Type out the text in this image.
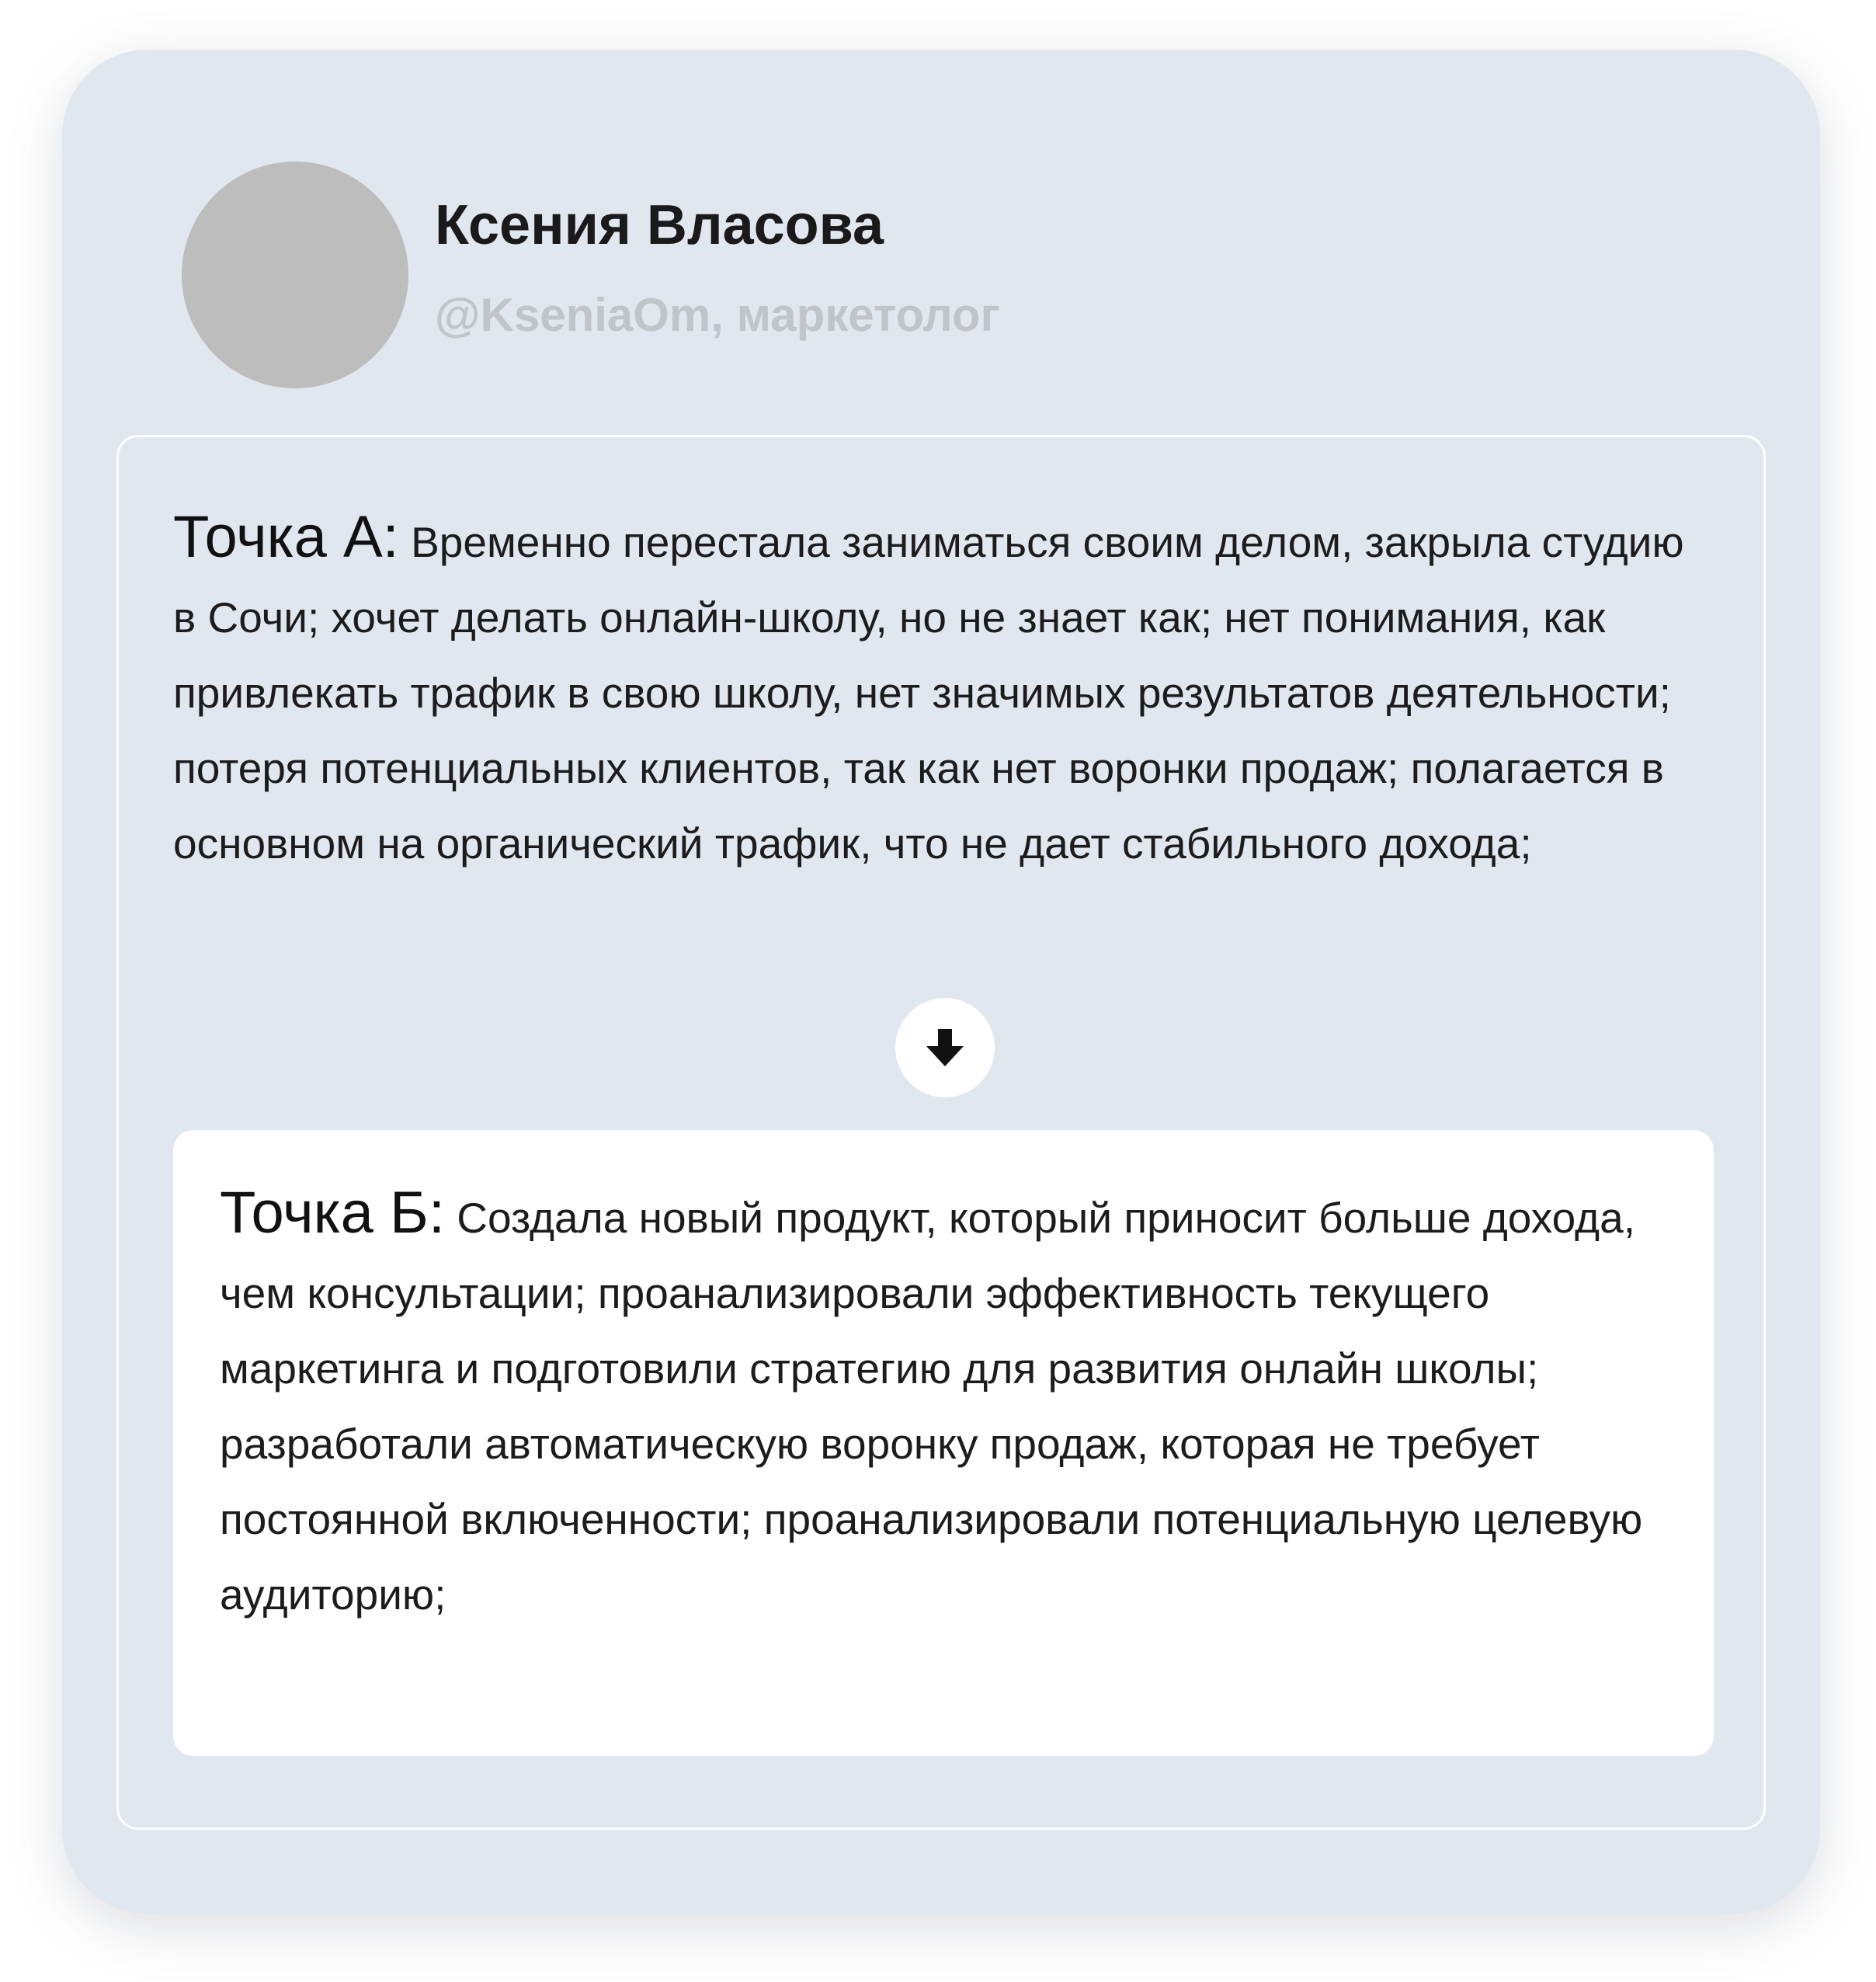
Ксения Власова
@KseniaOm, маркетолог

Точка А: Временно перестала заниматься своим делом, закрыла студию в Сочи; хочет делать онлайн-школу, но не знает как; нет понимания, как привлекать трафик в свою школу, нет значимых результатов деятельности; потеря потенциальных клиентов, так как нет воронки продаж; полагается в основном на органический трафик, что не дает стабильного дохода;

Точка Б: Создала новый продукт, который приносит больше дохода, чем консультации; проанализировали эффективность текущего маркетинга и подготовили стратегию для развития онлайн школы; разработали автоматическую воронку продаж, которая не требует постоянной включенности; проанализировали потенциальную целевую аудиторию;
